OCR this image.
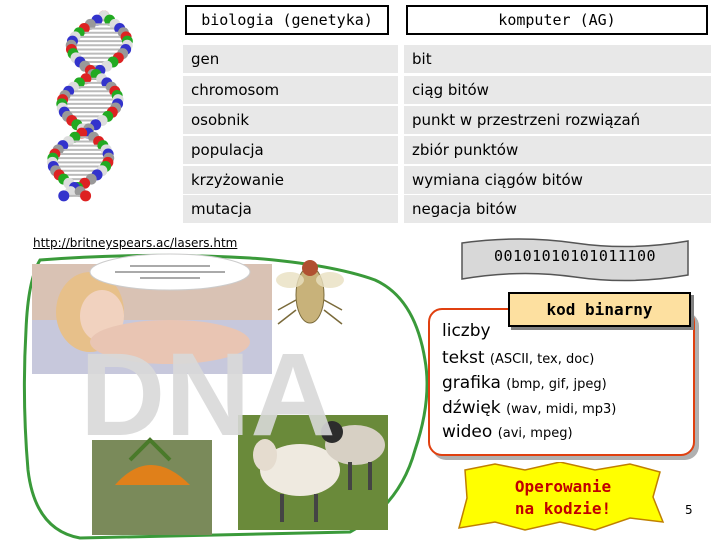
biologia (genetyka)	komputer (AG)
gen	bit
chromosom	ciąg bitów
osobnik	punkt w przestrzeni rozwiązań
populacja	zbiór punktów
krzyżowanie	wymiana ciągów bitów
mutacja	negacja bitów
http://britneyspears.ac/lasers.htm
DNA
00101010101011100
kod binarny
liczby
tekst (ASCII, tex, doc)
grafika (bmp, gif, jpeg)
dźwięk (wav, midi, mp3)
wideo (avi, mpeg)
Operowanie
na kodzie!	5
